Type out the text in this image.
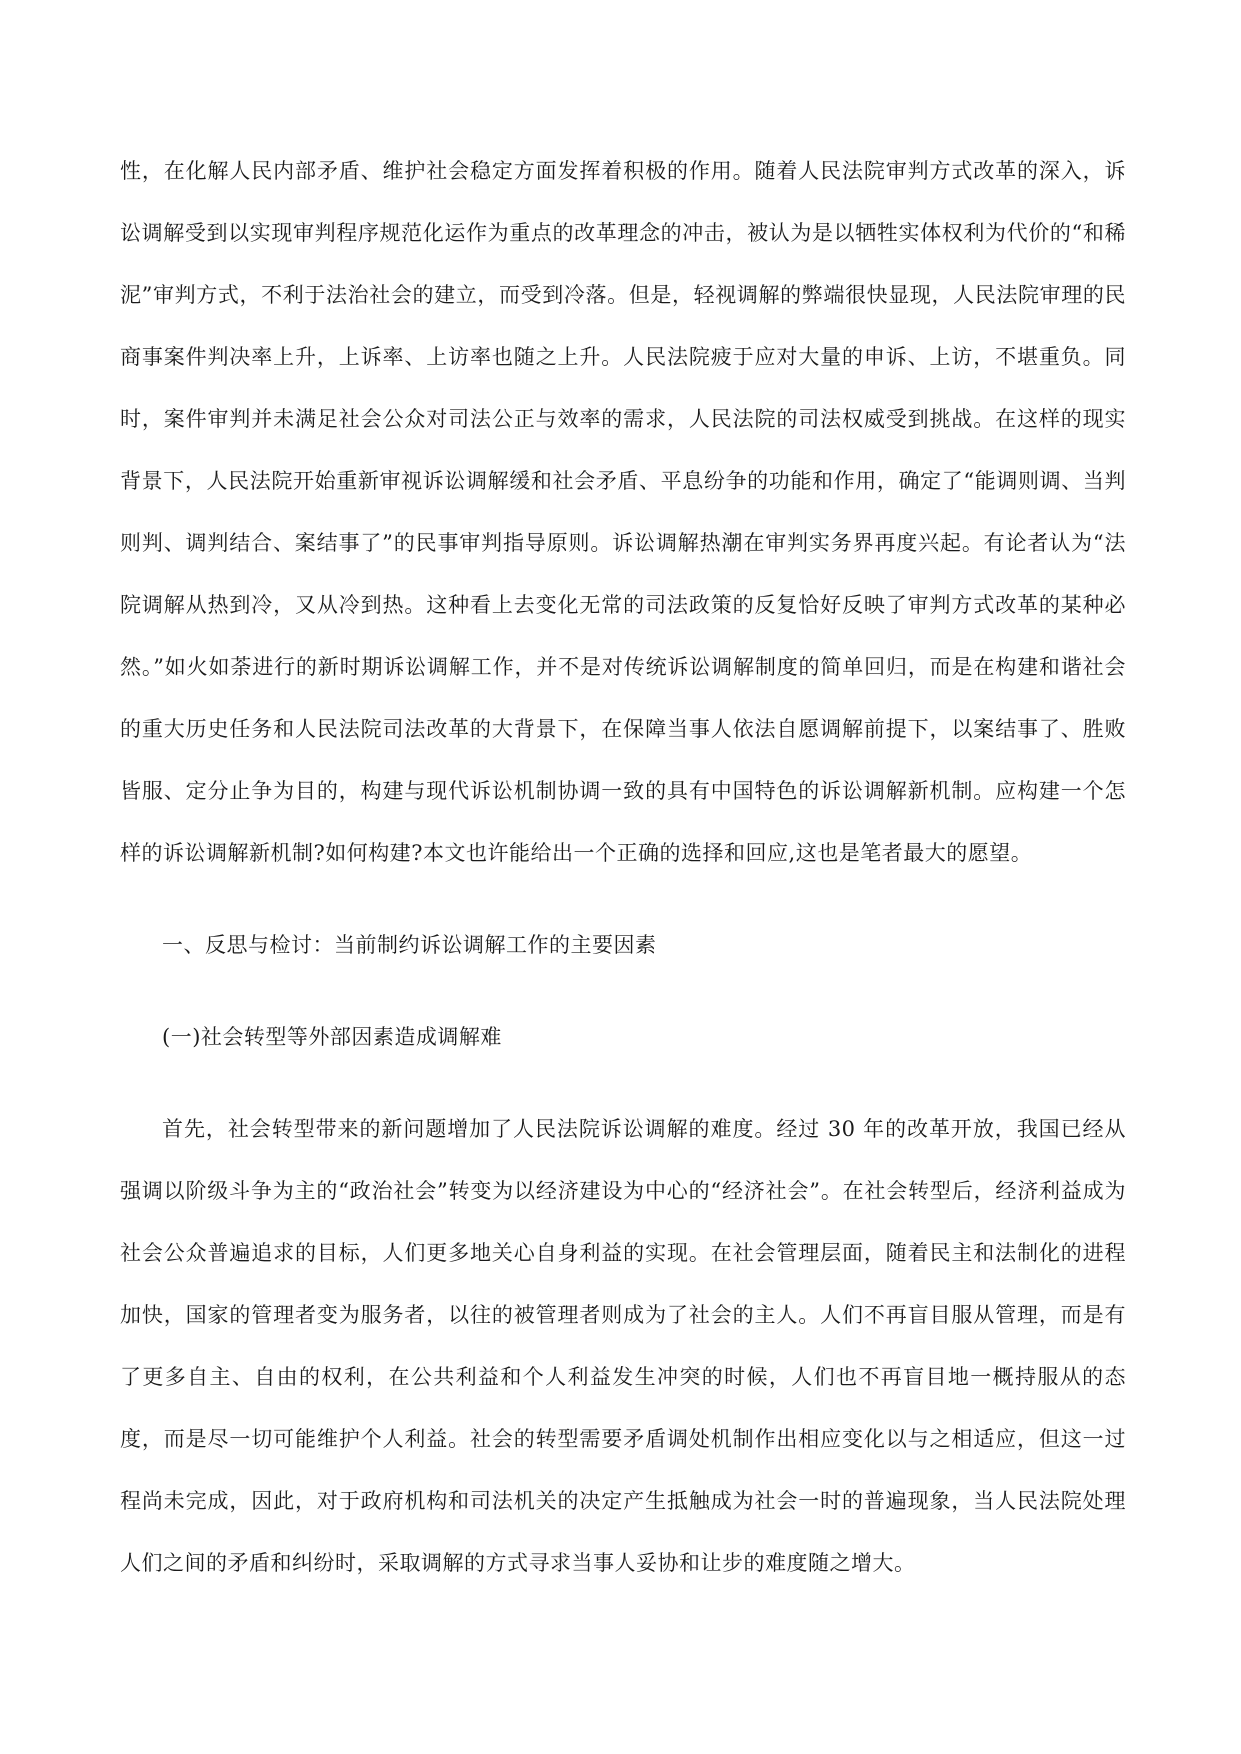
性，在化解人民内部矛盾、维护社会稳定方面发挥着积极的作用。随着人民法院审判方式改革的深入，诉讼调解受到以实现审判程序规范化运作为重点的改革理念的冲击，被认为是以牺牲实体权利为代价的“和稀泥”审判方式，不利于法治社会的建立，而受到冷落。但是，轻视调解的弊端很快显现，人民法院审理的民商事案件判决率上升，上诉率、上访率也随之上升。人民法院疲于应对大量的申诉、上访，不堪重负。同时，案件审判并未满足社会公众对司法公正与效率的需求，人民法院的司法权威受到挑战。在这样的现实背景下，人民法院开始重新审视诉讼调解缓和社会矛盾、平息纷争的功能和作用，确定了“能调则调、当判则判、调判结合、案结事了”的民事审判指导原则。诉讼调解热潮在审判实务界再度兴起。有论者认为“法院调解从热到冷，又从冷到热。这种看上去变化无常的司法政策的反复恰好反映了审判方式改革的某种必然。”如火如荼进行的新时期诉讼调解工作，并不是对传统诉讼调解制度的简单回归，而是在构建和谐社会的重大历史任务和人民法院司法改革的大背景下，在保障当事人依法自愿调解前提下，以案结事了、胜败皆服、定分止争为目的，构建与现代诉讼机制协调一致的具有中国特色的诉讼调解新机制。应构建一个怎样的诉讼调解新机制?如何构建?本文也许能给出一个正确的选择和回应,这也是笔者最大的愿望。

一、反思与检讨：当前制约诉讼调解工作的主要因素

(一)社会转型等外部因素造成调解难

首先，社会转型带来的新问题增加了人民法院诉讼调解的难度。经过 30 年的改革开放，我国已经从强调以阶级斗争为主的“政治社会”转变为以经济建设为中心的“经济社会”。在社会转型后，经济利益成为社会公众普遍追求的目标，人们更多地关心自身利益的实现。在社会管理层面，随着民主和法制化的进程加快，国家的管理者变为服务者，以往的被管理者则成为了社会的主人。人们不再盲目服从管理，而是有了更多自主、自由的权利，在公共利益和个人利益发生冲突的时候，人们也不再盲目地一概持服从的态度，而是尽一切可能维护个人利益。社会的转型需要矛盾调处机制作出相应变化以与之相适应，但这一过程尚未完成，因此，对于政府机构和司法机关的决定产生抵触成为社会一时的普遍现象，当人民法院处理人们之间的矛盾和纠纷时，采取调解的方式寻求当事人妥协和让步的难度随之增大。
